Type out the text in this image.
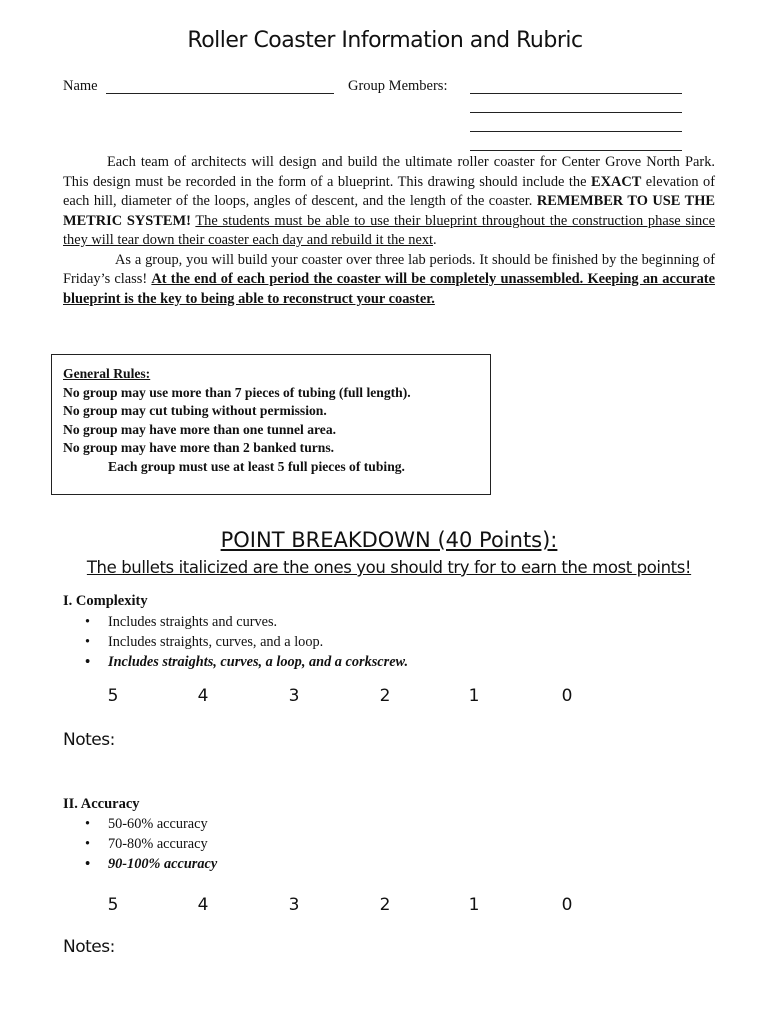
Roller Coaster Information and Rubric
Name	Group Members:

Each team of architects will design and build the ultimate roller coaster for Center Grove North Park. This design must be recorded in the form of a blueprint. This drawing should include the EXACT elevation of each hill, diameter of the loops, angles of descent, and the length of the coaster. REMEMBER TO USE THE METRIC SYSTEM! The students must be able to use their blueprint throughout the construction phase since they will tear down their coaster each day and rebuild it the next.

As a group, you will build your coaster over three lab periods. It should be finished by the beginning of Friday’s class! At the end of each period the coaster will be completely unassembled. Keeping an accurate blueprint is the key to being able to reconstruct your coaster.

General Rules:
No group may use more than 7 pieces of tubing (full length).
No group may cut tubing without permission.
No group may have more than one tunnel area.
No group may have more than 2 banked turns.
Each group must use at least 5 full pieces of tubing.
POINT BREAKDOWN (40 Points):
The bullets italicized are the ones you should try for to earn the most points!
I. Complexity
• Includes straights and curves.
• Includes straights, curves, and a loop.
• Includes straights, curves, a loop, and a corkscrew.
5	4	3	2	1	0
Notes:
II. Accuracy
• 50-60% accuracy
• 70-80% accuracy
• 90-100% accuracy
5	4	3	2	1	0
Notes:
